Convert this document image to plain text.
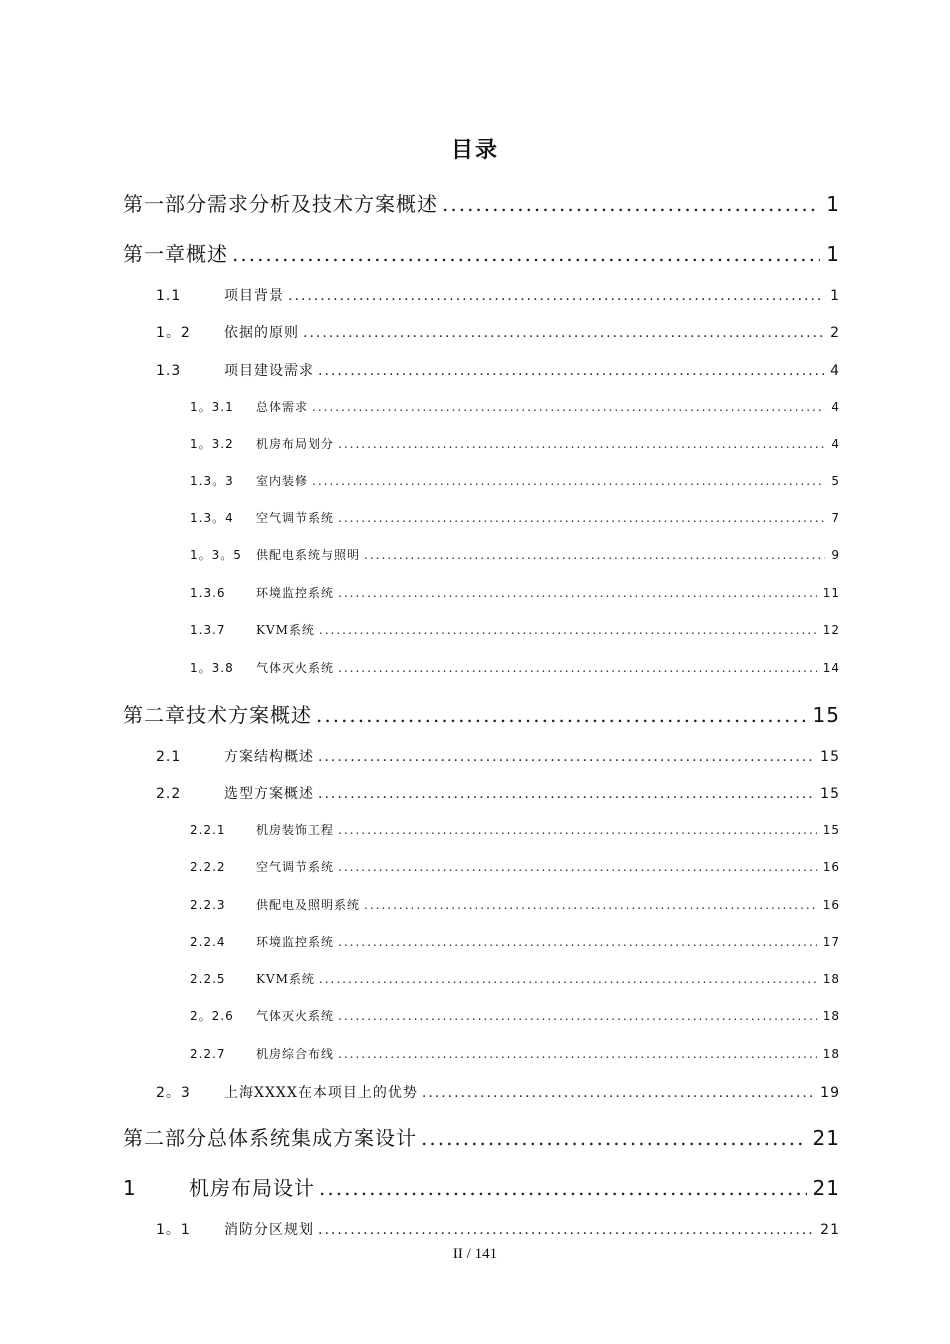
目录
第一部分需求分析及技术方案概述 .....	1
第一章概述 .....	1
1.1	项目背景 .....	1
1。2	依据的原则 .....	2
1.3	项目建设需求 .....	4
1。3.1	总体需求 .....	4
1。3.2	机房布局划分 .....	4
1.3。3	室内装修 .....	5
1.3。4	空气调节系统 .....	7
1。3。5	供配电系统与照明 .....	9
1.3.6	环境监控系统 .....	11
1.3.7	KVM系统 .....	12
1。3.8	气体灭火系统 .....	14
第二章技术方案概述 .....	15
2.1	方案结构概述 .....	15
2.2	选型方案概述 .....	15
2.2.1	机房装饰工程 .....	15
2.2.2	空气调节系统 .....	16
2.2.3	供配电及照明系统 .....	16
2.2.4	环境监控系统 .....	17
2.2.5	KVM系统 .....	18
2。2.6	气体灭火系统 .....	18
2.2.7	机房综合布线 .....	18
2。3	上海XXXX在本项目上的优势 .....	19
第二部分总体系统集成方案设计 .....	21
1	机房布局设计 .....	21
1。1	消防分区规划 .....	21
II / 141
